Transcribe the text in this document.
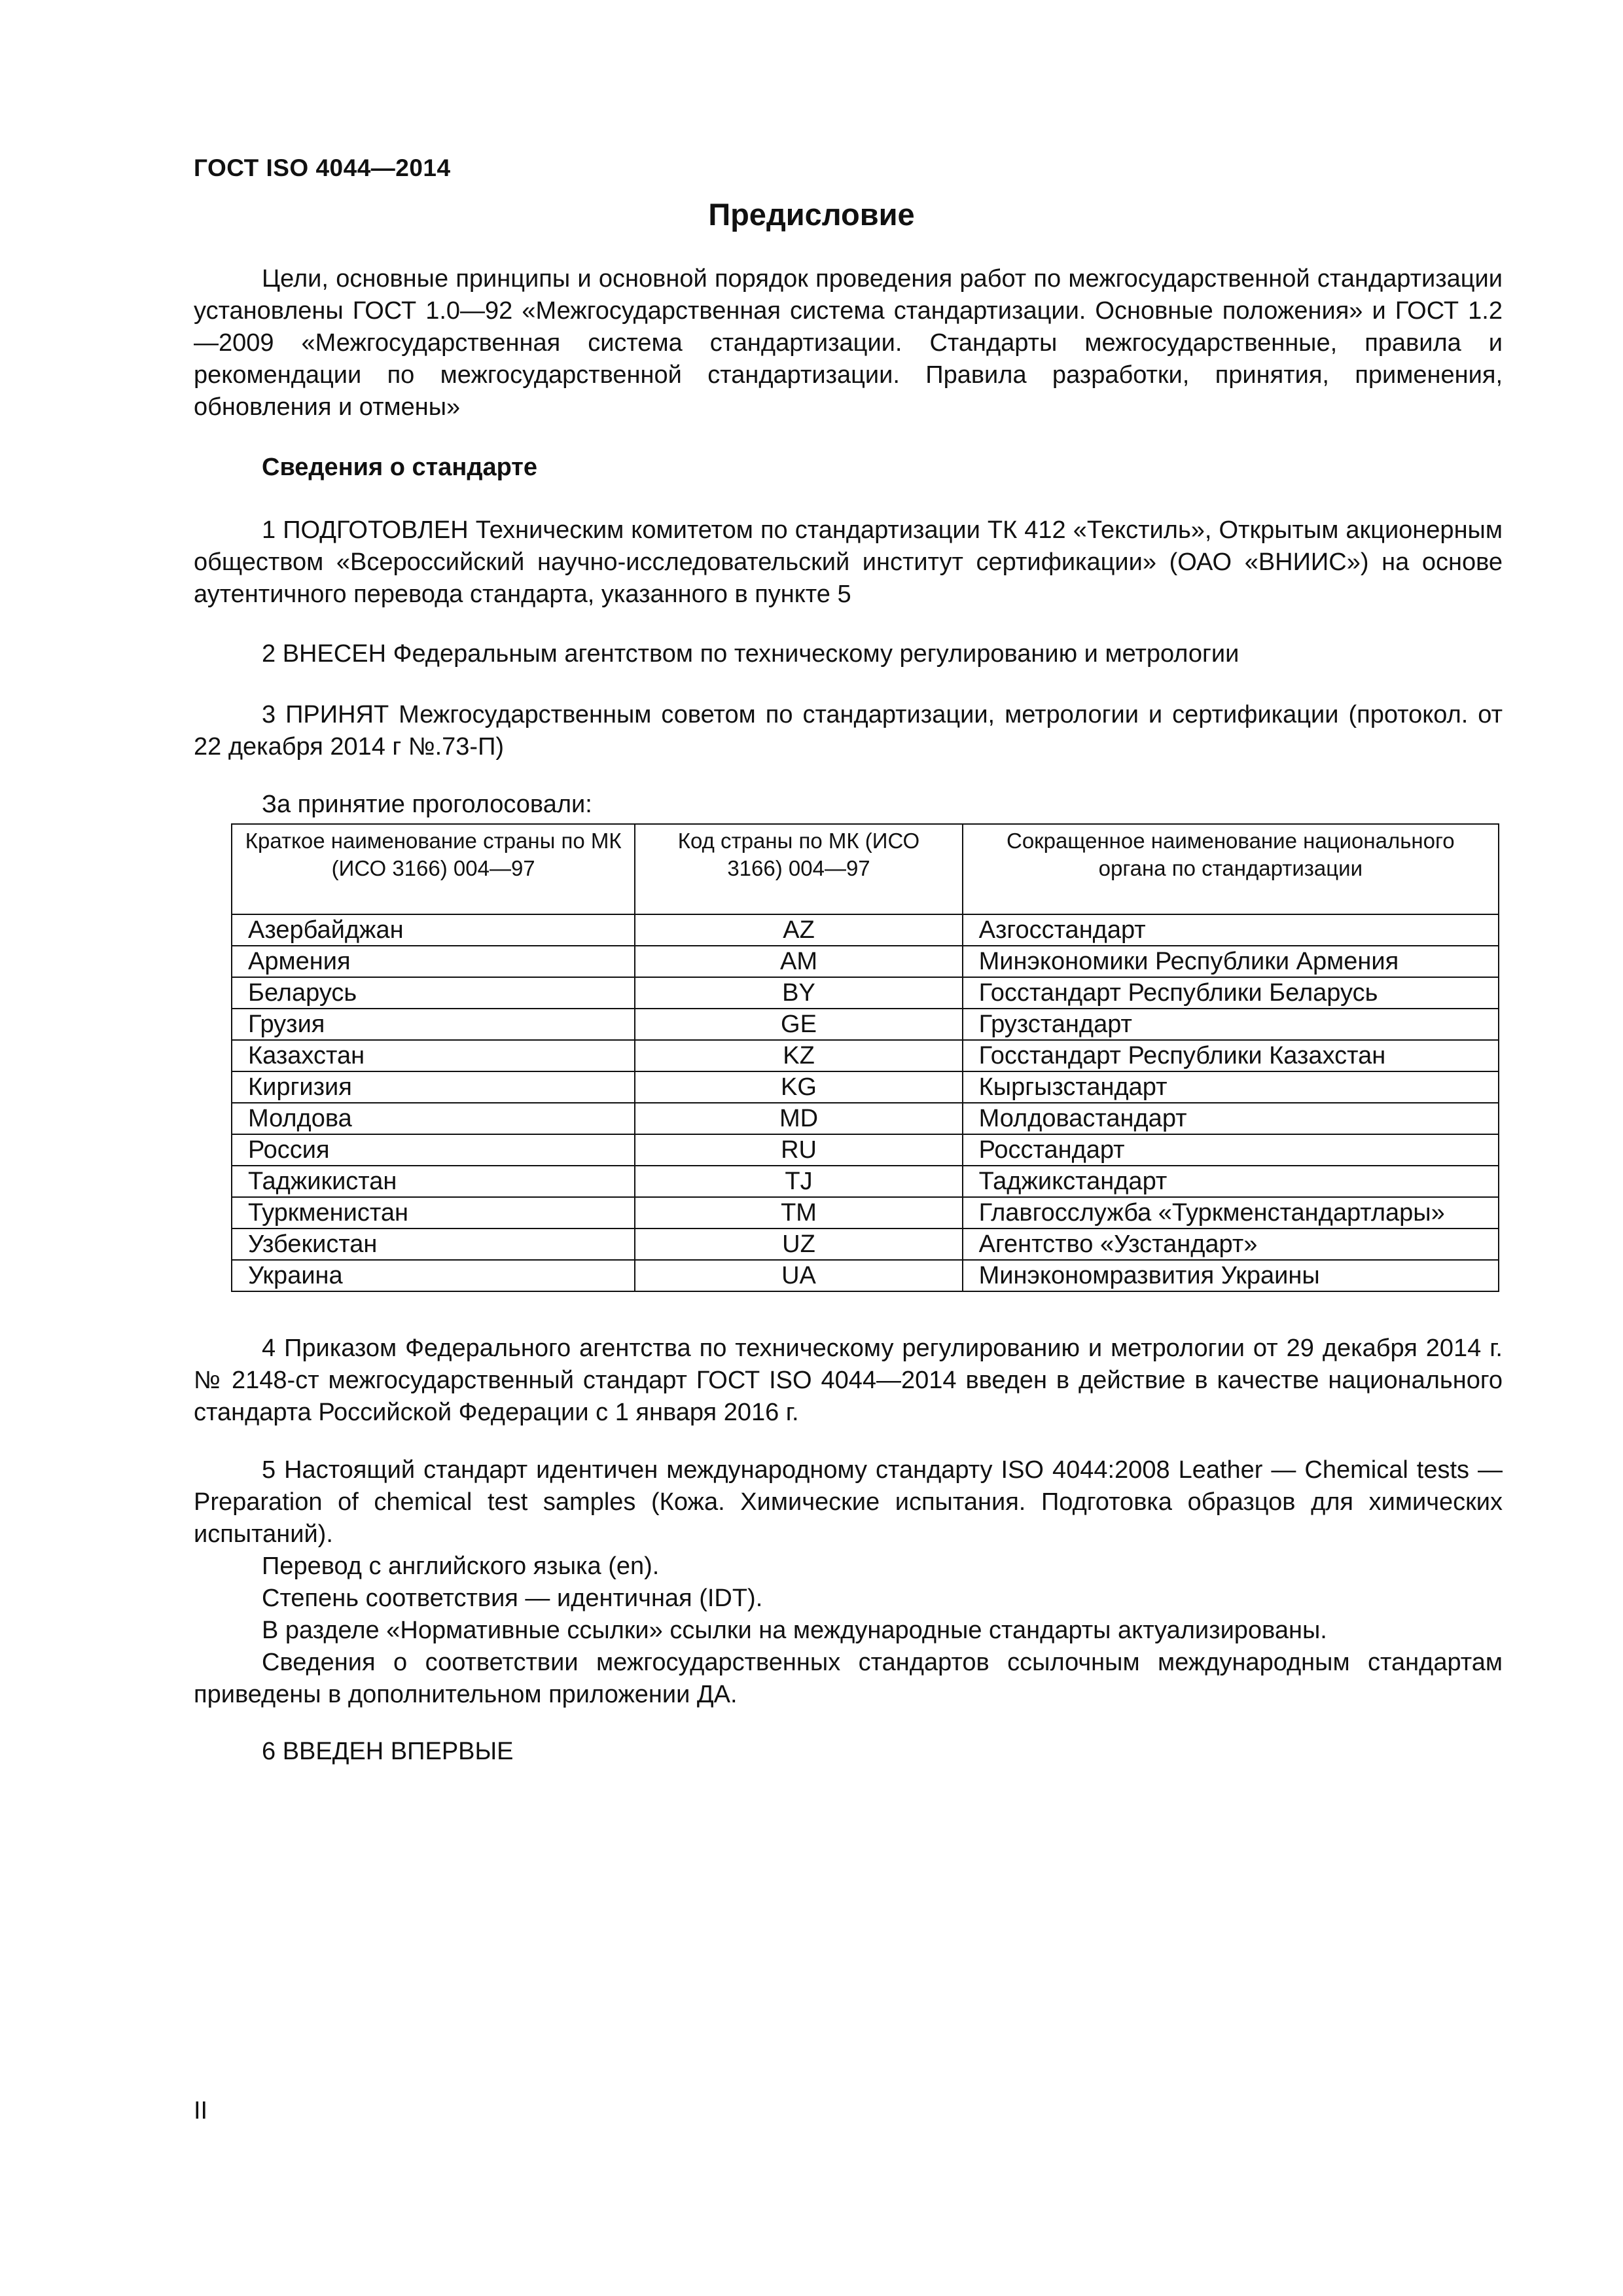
ГОСТ ISO 4044—2014
Предисловие

Цели, основные принципы и основной порядок проведения работ по межгосударственной стандартизации установлены ГОСТ 1.0—92 «Межгосударственная система стандартизации. Основные положения» и ГОСТ 1.2—2009 «Межгосударственная система стандартизации. Стандарты межгосударственные, правила и рекомендации по межгосударственной стандартизации. Правила разработки, принятия, применения, обновления и отмены»

Сведения о стандарте

1 ПОДГОТОВЛЕН Техническим комитетом по стандартизации ТК 412 «Текстиль», Открытым акционерным обществом «Всероссийский научно-исследовательский институт сертификации» (ОАО «ВНИИС») на основе аутентичного перевода стандарта, указанного в пункте 5

2 ВНЕСЕН Федеральным агентством по техническому регулированию и метрологии

3 ПРИНЯТ Межгосударственным советом по стандартизации, метрологии и сертификации (протокол. от 22 декабря 2014 г №.73-П)

За принятие проголосовали:
Краткое наименование страны по МК (ИСО 3166) 004—97	Код страны по МК (ИСО 3166) 004—97	Сокращенное наименование национального органа по стандартизации
Азербайджан	AZ	Азгосстандарт
Армения	AM	Минэкономики Республики Армения
Беларусь	BY	Госстандарт Республики Беларусь
Грузия	GE	Грузстандарт
Казахстан	KZ	Госстандарт Республики Казахстан
Киргизия	KG	Кыргызстандарт
Молдова	MD	Молдовастандарт
Россия	RU	Росстандарт
Таджикистан	TJ	Таджикстандарт
Туркменистан	TM	Главгосслужба «Туркменстандартлары»
Узбекистан	UZ	Агентство «Узстандарт»
Украина	UA	Минэкономразвития Украины

4 Приказом Федерального агентства по техническому регулированию и метрологии от 29 декабря 2014 г. № 2148-ст межгосударственный стандарт ГОСТ ISO 4044—2014 введен в действие в качестве национального стандарта Российской Федерации с 1 января 2016 г.

5 Настоящий стандарт идентичен международному стандарту ISO 4044:2008 Leather — Chemical tests — Preparation of chemical test samples (Кожа. Химические испытания. Подготовка образцов для химических испытаний).

Перевод с английского языка (en).

Степень соответствия — идентичная (IDT).

В разделе «Нормативные ссылки» ссылки на международные стандарты актуализированы.

Сведения о соответствии межгосударственных стандартов ссылочным международным стандартам приведены в дополнительном приложении ДА.

6 ВВЕДЕН ВПЕРВЫЕ

II
